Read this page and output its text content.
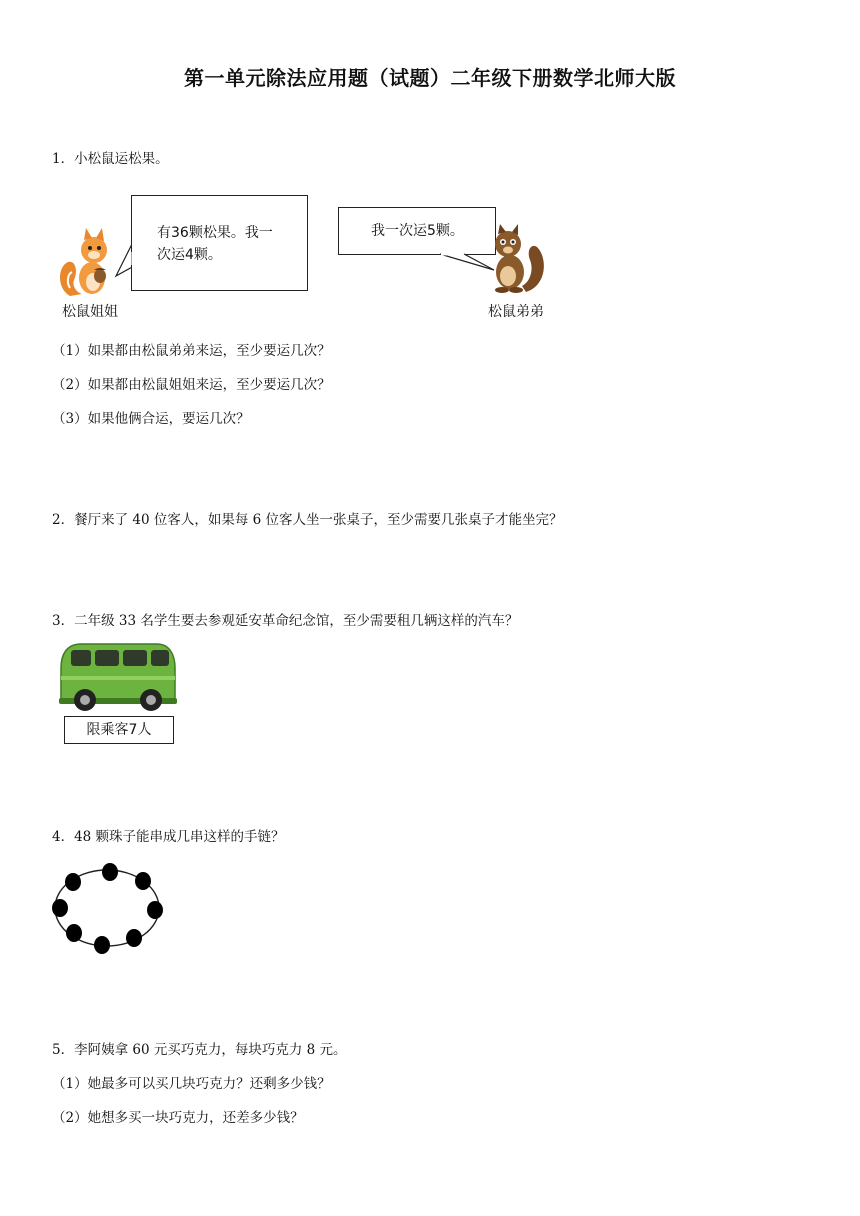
第一单元除法应用题（试题）二年级下册数学北师大版
1．小松鼠运松果。
松鼠姐姐
有36颗松果。我一
次运4颗。
我一次运5颗。
松鼠弟弟
（1）如果都由松鼠弟弟来运，至少要运几次？
（2）如果都由松鼠姐姐来运，至少要运几次？
（3）如果他俩合运，要运几次？
2．餐厅来了 40 位客人，如果每 6 位客人坐一张桌子，至少需要几张桌子才能坐完？
3．二年级 33 名学生要去参观延安革命纪念馆，至少需要租几辆这样的汽车？
限乘客7人
4．48 颗珠子能串成几串这样的手链？
5．李阿姨拿 60 元买巧克力，每块巧克力 8 元。
（1）她最多可以买几块巧克力？还剩多少钱？
（2）她想多买一块巧克力，还差多少钱？
